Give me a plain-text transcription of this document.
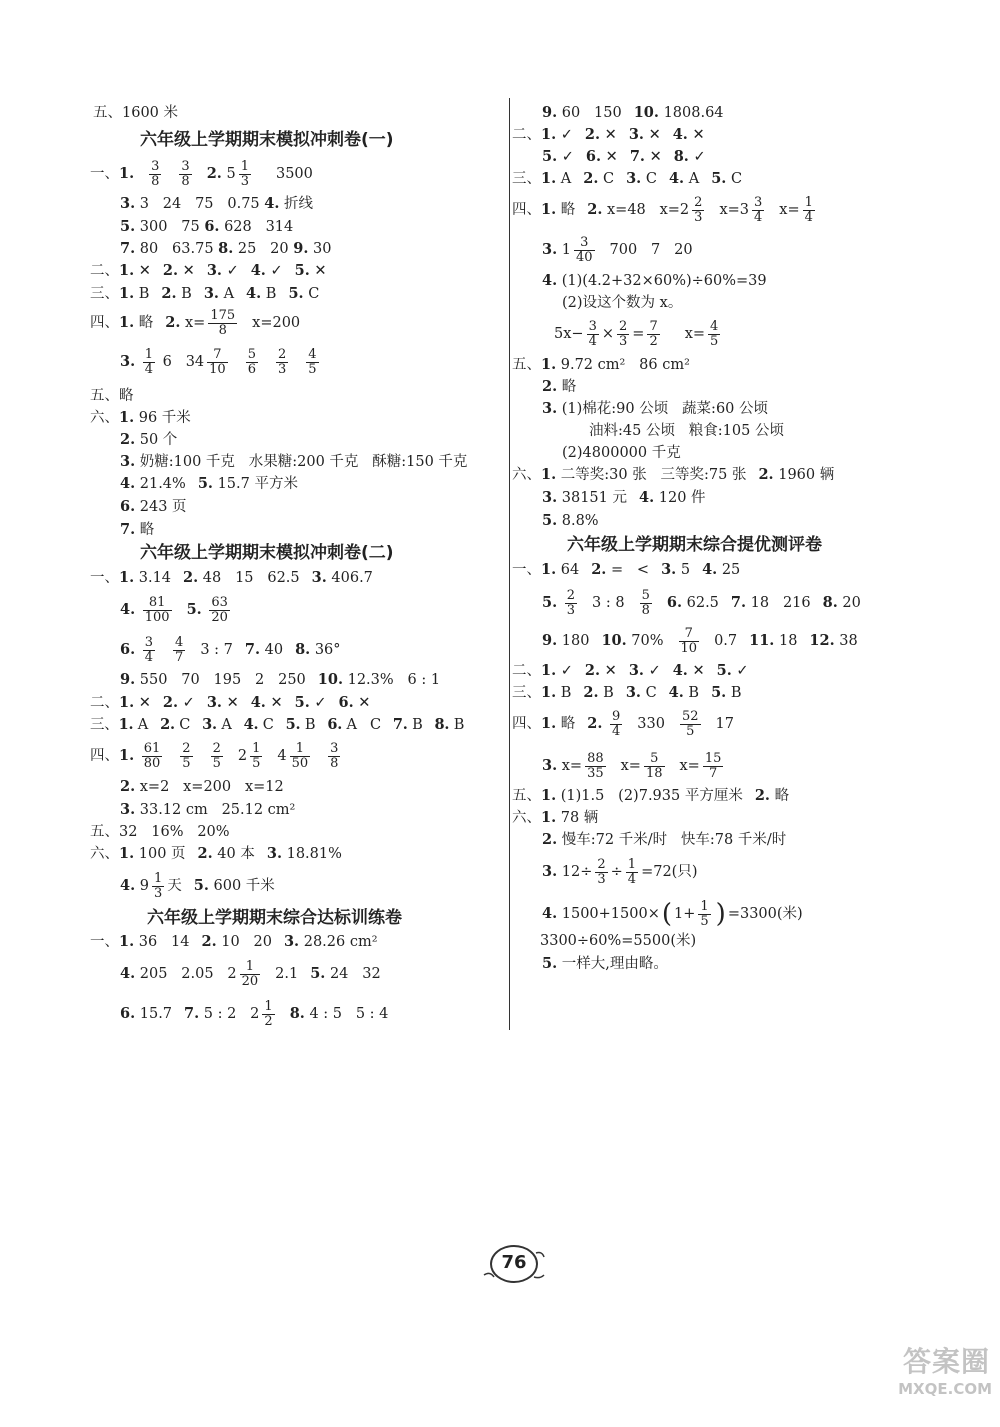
五、1600 米
六年级上学期期末模拟冲刺卷(一)
一、1. $\frac{3}{8} \frac{3}{8} 2$. $5 \frac{1}{3} 3500$
3. 3   24   75   0.75 4. 折线
5. 300   75 6. 628   314
7. 80   63.75 8. 25   20 9. 30
二、1. ✕ 2. ✕ 3. ✓ 4. ✓ 5. ✕
三、1. B 2. B 3. A 4. B 5. C
四、1. 略 2. $x= \frac{175}{8} x=200$
3. $\frac{1}{4} 6$   $34 \frac{7}{10} \frac{5}{6} \frac{2}{3} \frac{4}{5}$
五、略
六、1. 96 千米
2. 50 个
3. 奶糖:100 千克   水果糖:200 千克   酥糖:150 千克
4. 21.4% 5. 15.7 平方米
6. 243 页
7. 略
六年级上学期期末模拟冲刺卷(二)
一、1. 3.14 2. 48   15   62.5 3. 406.7
4. $\frac{81}{100} 5$. $\frac{63}{20}$
6. $\frac{3}{4} \frac{4}{7} 3$ : 7 7. 40 8. 36°
9. 550   70   195   2   250 10. 12.3%   6 : 1
二、1. ✕ 2. ✓ 3. ✕ 4. ✕ 5. ✓ 6. ✕
三、1. A 2. C 3. A 4. C 5. B 6. A   C 7. B 8. B
四、1. $\frac{61}{80} \frac{2}{5} \frac{2}{5} 2 \frac{1}{5} 4 \frac{1}{50} \frac{3}{8}$
2. x=2   x=200   x=12
3. 33.12 cm   25.12 cm²
五、32   16%   20%
六、1. 100 页 2. 40 本 3. 18.81%
4. $9 \frac{1}{3}$ 天 5. 600 千米
六年级上学期期末综合达标训练卷
一、1. 36   14 2. 10   20 3. 28.26 cm²
4. 205   2.05   $2 \frac{1}{20} 2.1$ 5. 24   32
6. 15.7 7. 5 : 2   $2 \frac{1}{2} 8$. 4 : 5   5 : 4
9. 60   150 10. 1808.64
二、1. ✓ 2. ✕ 3. ✕ 4. ✕
5. ✓ 6. ✕ 7. ✕ 8. ✓
三、1. A 2. C 3. C 4. A 5. C
四、1. 略 2. x=48   $x=2 \frac{2}{3} x=3 \frac{3}{4} x= \frac{1}{4}$
3. $1 \frac{3}{40} 700$   7   20
4. (1)(4.2+32×60%)÷60%=39
(2)设这个数为 x。
$5x- \frac{3}{4} \times \frac{2}{3} = \frac{7}{2} x= \frac{4}{5}$
五、1. 9.72 cm²   86 cm²
2. 略
3. (1)棉花:90 公顷   蔬菜:60 公顷
油料:45 公顷   粮食:105 公顷
(2)4800000 千克
六、1. 二等奖:30 张   三等奖:75 张 2. 1960 辆
3. 38151 元 4. 120 件
5. 8.8%
六年级上学期期末综合提优测评卷
一、1. 64 2. =   < 3. 5 4. 25
5. $\frac{2}{3} 3$ : $8 \frac{5}{8} 6$. 62.5 7. 18   216 8. 20
9. 180 10. $70\% \frac{7}{10} 0.7$ 11. 18 12. 38
二、1. ✓ 2. ✕ 3. ✓ 4. ✕ 5. ✓
三、1. B 2. B 3. C 4. B 5. B
四、1. 略 2. $\frac{9}{4} 330 \frac{52}{5} 17$
3. $x= \frac{88}{35} x= \frac{5}{18} x= \frac{15}{7}$
五、1. (1)1.5   (2)7.935 平方厘米 2. 略
六、1. 78 辆
2. 慢车:72 千米/时   快车:78 千米/时
3. $12\div \frac{2}{3} \div \frac{1}{4} =72$(只)
4. 1500+1500×( $1+ \frac{1}{5}$ ) =3300(米)
3300÷60%=5500(米)
5. 一样大,理由略。
76
答案圈
MXQE.COM
